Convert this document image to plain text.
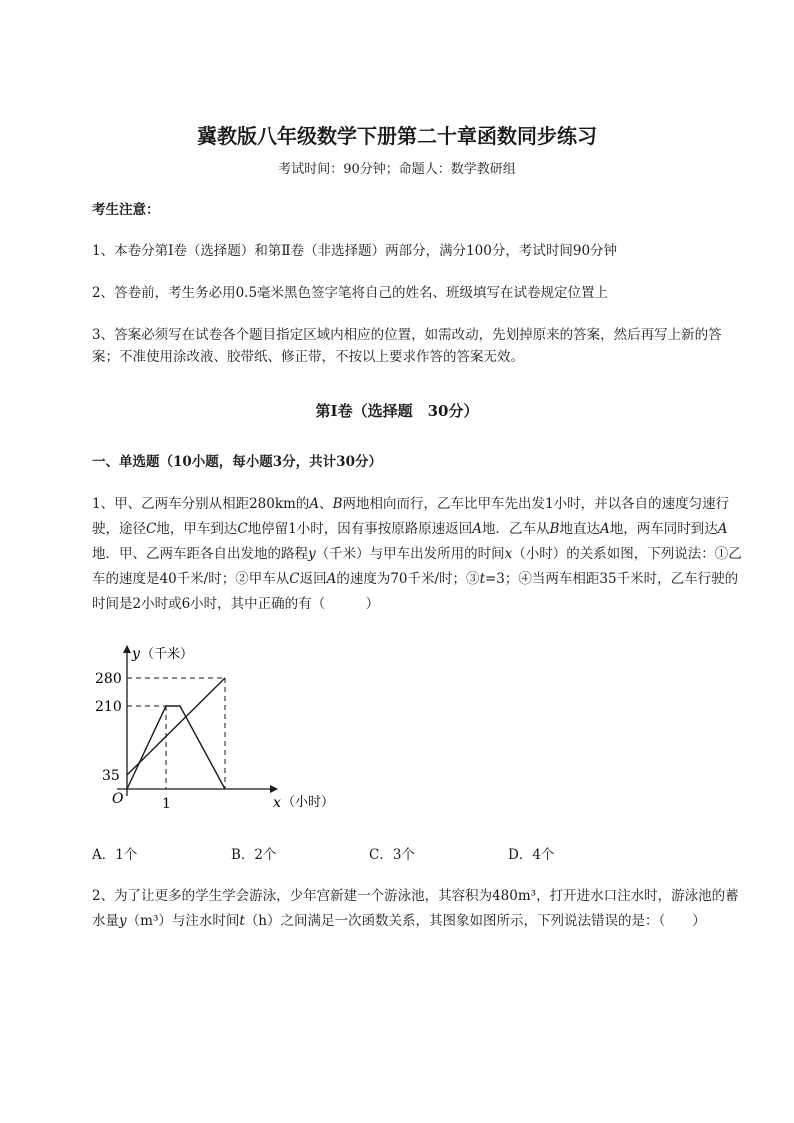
冀教版八年级数学下册第二十章函数同步练习
考试时间：90分钟；命题人：数学教研组

考生注意：

1、本卷分第I卷（选择题）和第Ⅱ卷（非选择题）两部分，满分100分，考试时间90分钟

2、答卷前，考生务必用0.5毫米黑色签字笔将自己的姓名、班级填写在试卷规定位置上

3、答案必须写在试卷各个题目指定区域内相应的位置，如需改动，先划掉原来的答案，然后再写上新的答案；不准使用涂改液、胶带纸、修正带，不按以上要求作答的答案无效。

第I卷（选择题　30分）

一、单选题（10小题，每小题3分，共计30分）

1、甲、乙两车分别从相距280km的A、B两地相向而行，乙车比甲车先出发1小时，并以各自的速度匀速行驶，途径C地，甲车到达C地停留1小时，因有事按原路原速返回A地．乙车从B地直达A地，两车同时到达A地．甲、乙两车距各自出发地的路程y（千米）与甲车出发所用的时间x（小时）的关系如图，下列说法：①乙车的速度是40千米/时；②甲车从C返回A的速度为70千米/时；③t=3；④当两车相距35千米时，乙车行驶的时间是2小时或6小时，其中正确的有（　　　）

y （千米）
280
210
35
O	1	x （小时）
A．1个	B．2个	C．3个	D．4个

2、为了让更多的学生学会游泳，少年宫新建一个游泳池，其容积为480m³，打开进水口注水时，游泳池的蓄水量y（m³）与注水时间t（h）之间满足一次函数关系，其图象如图所示，下列说法错误的是：（　　）
